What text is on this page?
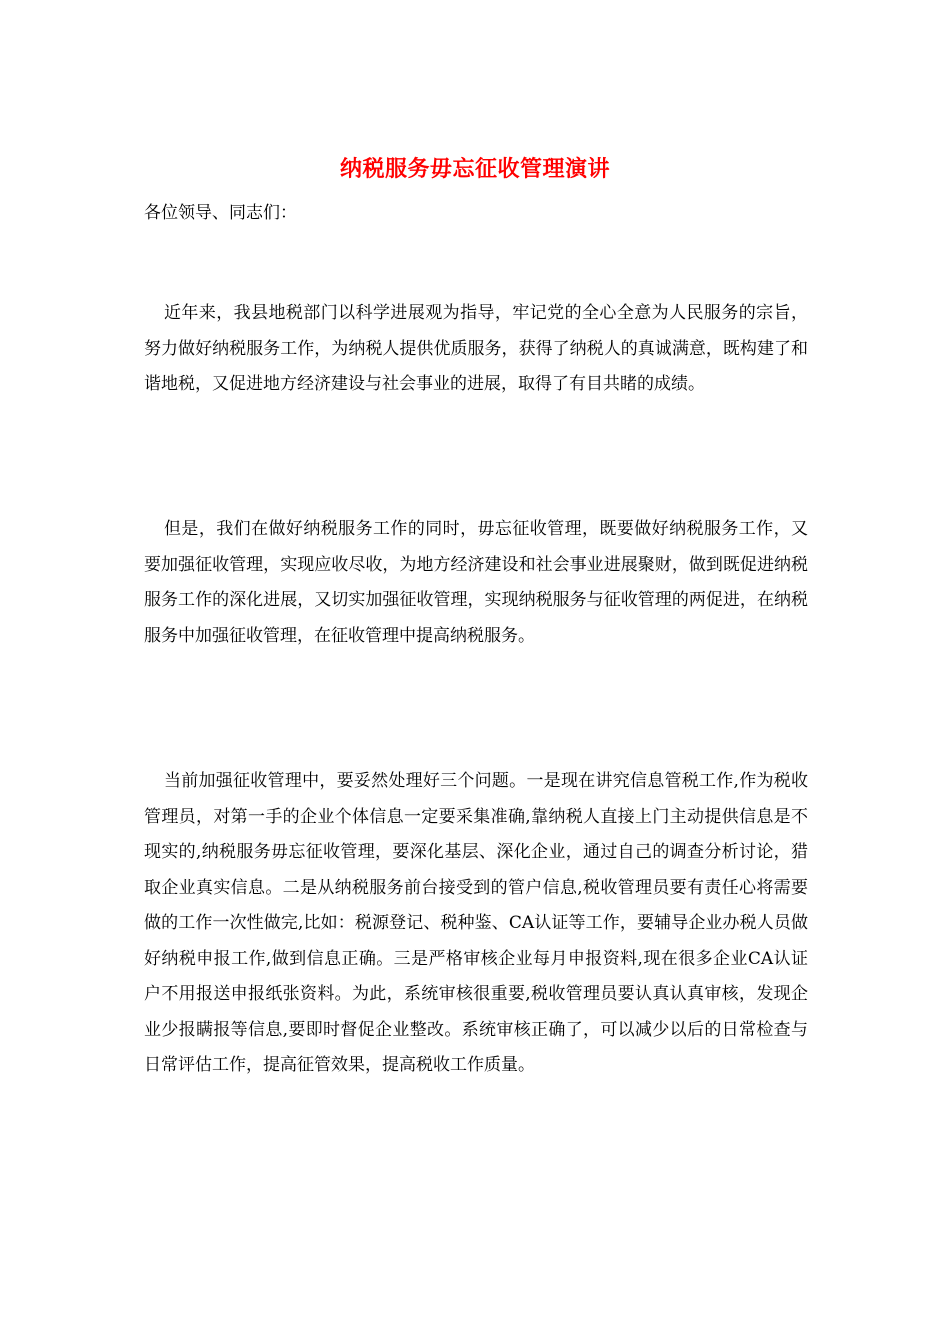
纳税服务毋忘征收管理演讲
各位领导、同志们：

近年来，我县地税部门以科学进展观为指导，牢记党的全心全意为人民服务的宗旨，努力做好纳税服务工作，为纳税人提供优质服务，获得了纳税人的真诚满意，既构建了和谐地税，又促进地方经济建设与社会事业的进展，取得了有目共睹的成绩。

但是，我们在做好纳税服务工作的同时，毋忘征收管理，既要做好纳税服务工作，又要加强征收管理，实现应收尽收，为地方经济建设和社会事业进展聚财，做到既促进纳税服务工作的深化进展，又切实加强征收管理，实现纳税服务与征收管理的两促进，在纳税服务中加强征收管理，在征收管理中提高纳税服务。

当前加强征收管理中，要妥然处理好三个问题。一是现在讲究信息管税工作,作为税收管理员，对第一手的企业个体信息一定要采集准确,靠纳税人直接上门主动提供信息是不现实的,纳税服务毋忘征收管理，要深化基层、深化企业，通过自己的调查分析讨论，猎取企业真实信息。二是从纳税服务前台接受到的管户信息,税收管理员要有责任心将需要做的工作一次性做完,比如：税源登记、税种鉴、CA认证等工作，要辅导企业办税人员做好纳税申报工作,做到信息正确。三是严格审核企业每月申报资料,现在很多企业CA认证户不用报送申报纸张资料。为此，系统审核很重要,税收管理员要认真认真审核，发现企业少报瞒报等信息,要即时督促企业整改。系统审核正确了，可以减少以后的日常检查与日常评估工作，提高征管效果，提高税收工作质量。
